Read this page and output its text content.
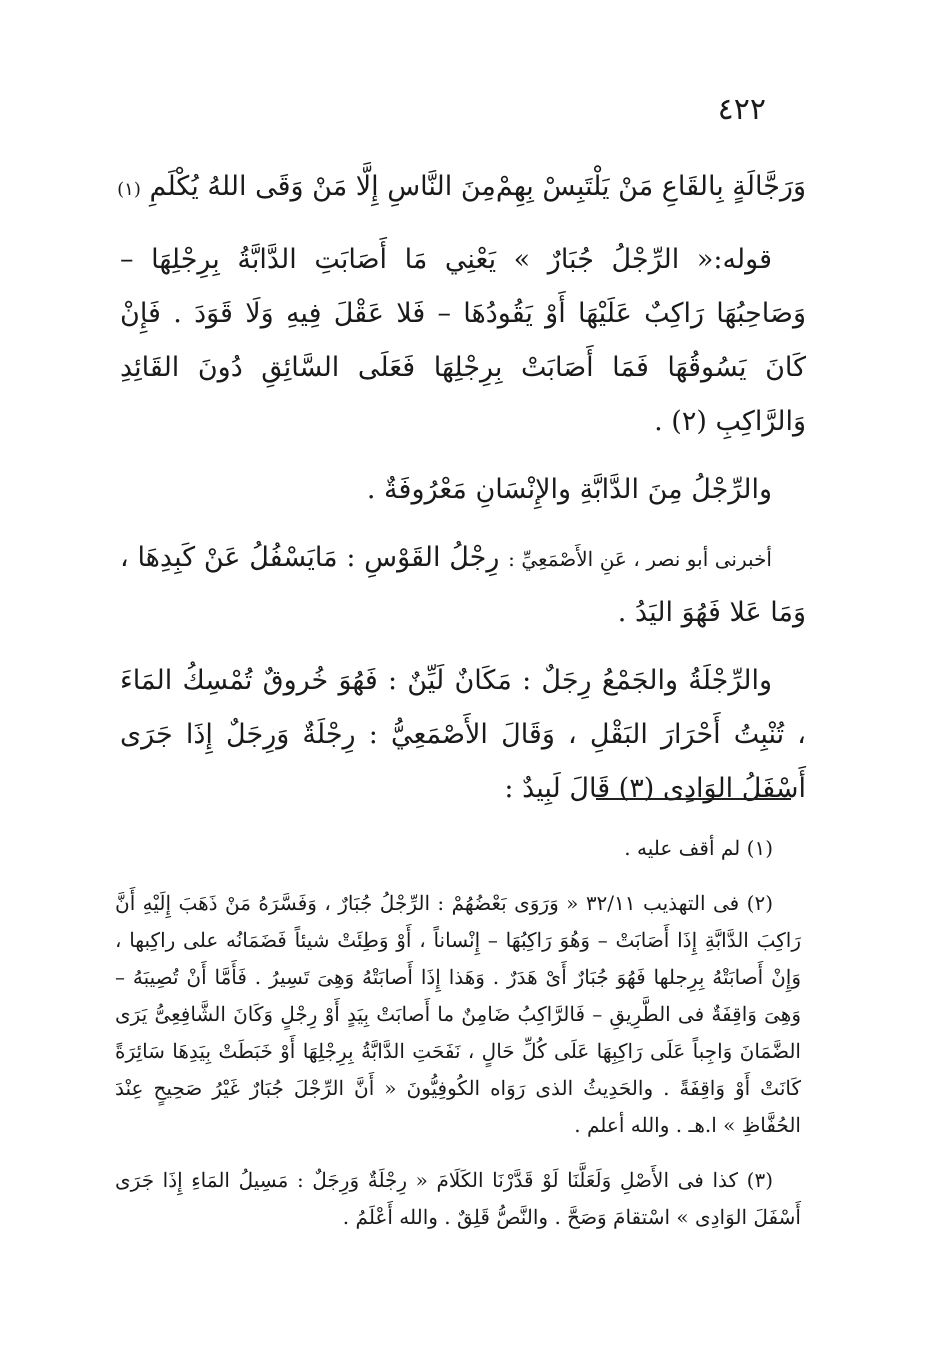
٤٢٢
وَرَجَّالَةٍ بِالقَاعِ مَنْ يَلْتَبِسْ بِهِمْ
مِنَ النَّاسِ إِلَّا مَنْ وَقَى اللهُ يُكْلَمِ (١)

قوله:« الرِّجْلُ جُبَارٌ » يَعْنِي مَا أَصَابَتِ الدَّابَّةُ بِرِجْلِهَا – وَصَاحِبُهَا رَاكِبٌ عَلَيْهَا أَوْ يَقُودُهَا – فَلا عَقْلَ فِيهِ وَلَا قَوَدَ . فَإِنْ كَانَ يَسُوقُهَا فَمَا أَصَابَتْ بِرِجْلِهَا فَعَلَى السَّائِقِ دُونَ القَائِدِ وَالرَّاكِبِ (٢) .

والرِّجْلُ مِنَ الدَّابَّةِ والإِنْسَانِ مَعْرُوفَةٌ .

أخبرنى أبو نصر ، عَنِ الأَصْمَعِيِّ : رِجْلُ القَوْسِ : مَايَسْفُلُ عَنْ كَبِدِهَا ، وَمَا عَلا فَهُوَ اليَدُ .

والرِّجْلَةُ والجَمْعُ رِجَلٌ : مَكَانٌ لَيِّنٌ : فَهُوَ خُروقٌ تُمْسِكُ المَاءَ ، تُنْبِتُ أَحْرَارَ البَقْلِ ، وَقَالَ الأَصْمَعِيُّ : رِجْلَةٌ وَرِجَلٌ إِذَا جَرَى أَسْفَلُ الوَادِى (٣) قَالَ لَبِيدٌ :

(١) لم أقف عليه .

(٢) فى التهذيب ٣٢/١١ « وَرَوَى بَعْضُهُمْ : الرِّجْلُ جُبَارٌ ، وَفَسَّرَهُ مَنْ ذَهَبَ إِلَيْهِ أَنَّ رَاكِبَ الدَّابَّةِ إِذَا أَصَابَتْ – وَهُوَ رَاكِبُهَا – إِنْساناً ، أَوْ وَطِئَتْ شيئاً فَضَمَانُه على راكِبها ، وَإِنْ أَصابَتْهُ بِرِجلها فَهُوَ جُبَارٌ أَىْ هَدَرٌ . وَهَذا إِذَا أَصابَتْهُ وَهِىَ تَسِيرُ . فَأَمَّا أَنْ تُصِيبَهُ – وَهِىَ وَاقِفَةٌ فى الطَّرِيقِ – فَالرَّاكِبُ ضَامِنٌ ما أَصابَتْ بِيَدٍ أَوْ رِجْلٍ وَكَانَ الشَّافِعِىُّ يَرَى الضَّمَانَ وَاجِباً عَلَى رَاكِبِهَا عَلَى كُلِّ حَالٍ ، نَفَحَتِ الدَّابَّةُ بِرِجْلِهَا أَوْ خَبَطَتْ بِيَدِهَا سَائِرَةً كَانَتْ أَوْ وَاقِفَةً . والحَدِيثُ الذى رَوَاه الكُوفِيُّونَ « أَنَّ الرِّجْلَ جُبَارٌ غَيْرُ صَحِيحٍ عِنْدَ الحُفَّاظِ » ا.هـ . والله أعلم .

(٣) كذا فى الأَصْلِ وَلَعَلَّنَا لَوْ قَدَّرْنَا الكَلَامَ « رِجْلَةٌ وَرِجَلٌ : مَسِيلُ المَاءِ إِذَا جَرَى أَسْفَلَ الوَادِى » اسْتقامَ وَصَحَّ . والنَّصُّ قَلِقٌ . والله أَعْلَمُ .
